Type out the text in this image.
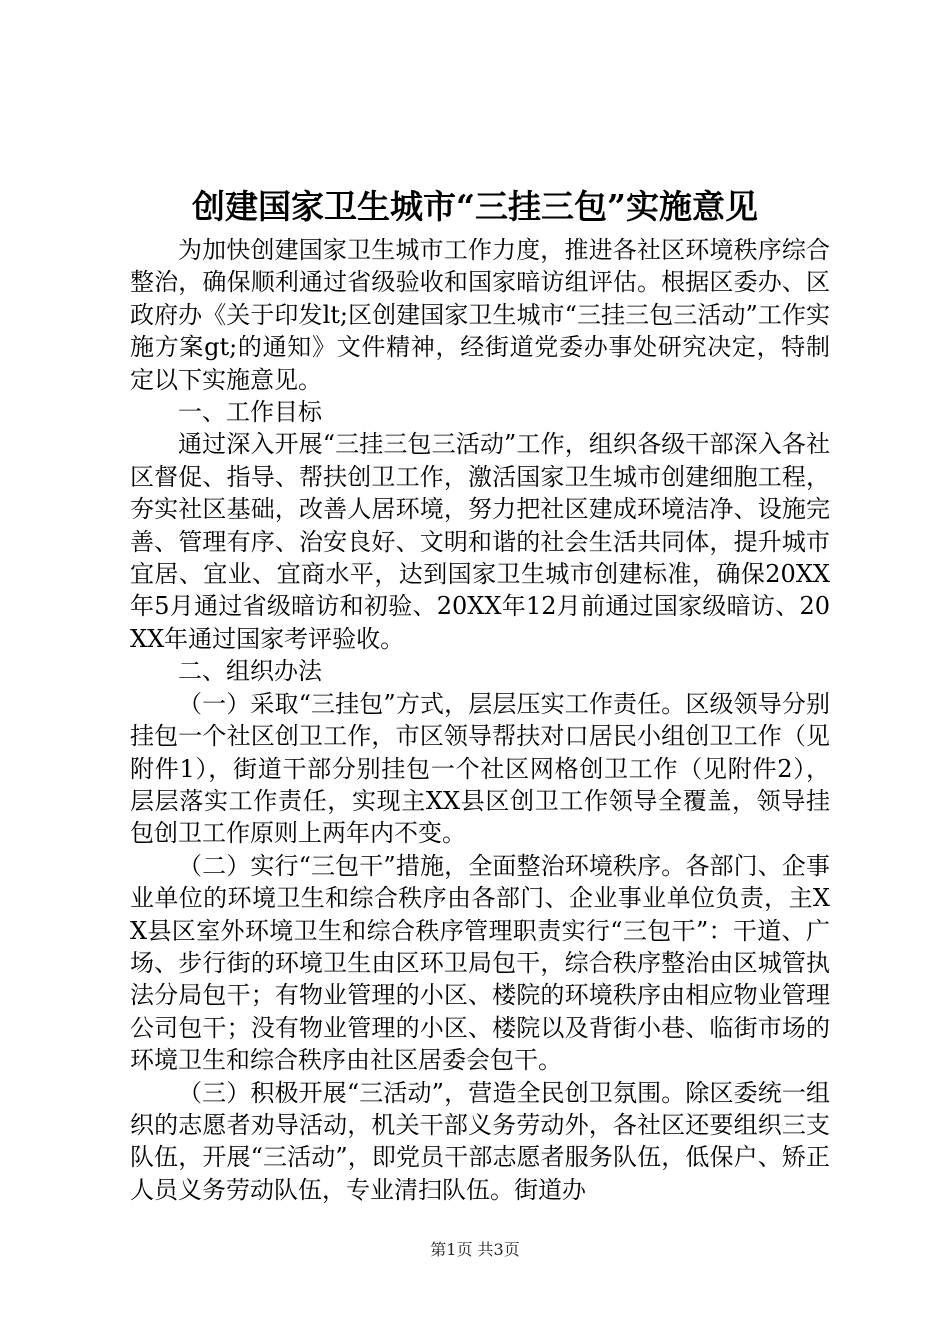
创建国家卫生城市“三挂三包”实施意见

为加快创建国家卫生城市工作力度，推进各社区环境秩序综合整治，确保顺利通过省级验收和国家暗访组评估。根据区委办、区政府办《关于印发lt;区创建国家卫生城市“三挂三包三活动”工作实施方案gt;的通知》文件精神，经街道党委办事处研究决定，特制定以下实施意见。

一、工作目标

通过深入开展“三挂三包三活动”工作，组织各级干部深入各社区督促、指导、帮扶创卫工作，激活国家卫生城市创建细胞工程，夯实社区基础，改善人居环境，努力把社区建成环境洁净、设施完善、管理有序、治安良好、文明和谐的社会生活共同体，提升城市宜居、宜业、宜商水平，达到国家卫生城市创建标准，确保20XX年5月通过省级暗访和初验、20XX年12月前通过国家级暗访、20XX年通过国家考评验收。

二、组织办法

（一）采取“三挂包”方式，层层压实工作责任。区级领导分别挂包一个社区创卫工作，市区领导帮扶对口居民小组创卫工作（见附件1），街道干部分别挂包一个社区网格创卫工作（见附件2），层层落实工作责任，实现主XX县区创卫工作领导全覆盖，领导挂包创卫工作原则上两年内不变。

（二）实行“三包干”措施，全面整治环境秩序。各部门、企事业单位的环境卫生和综合秩序由各部门、企业事业单位负责，主XX县区室外环境卫生和综合秩序管理职责实行“三包干”：干道、广场、步行街的环境卫生由区环卫局包干，综合秩序整治由区城管执法分局包干；有物业管理的小区、楼院的环境秩序由相应物业管理公司包干；没有物业管理的小区、楼院以及背街小巷、临街市场的环境卫生和综合秩序由社区居委会包干。

（三）积极开展“三活动”，营造全民创卫氛围。除区委统一组织的志愿者劝导活动，机关干部义务劳动外，各社区还要组织三支队伍，开展“三活动”，即党员干部志愿者服务队伍，低保户、矫正人员义务劳动队伍，专业清扫队伍。街道办

第1页 共3页
